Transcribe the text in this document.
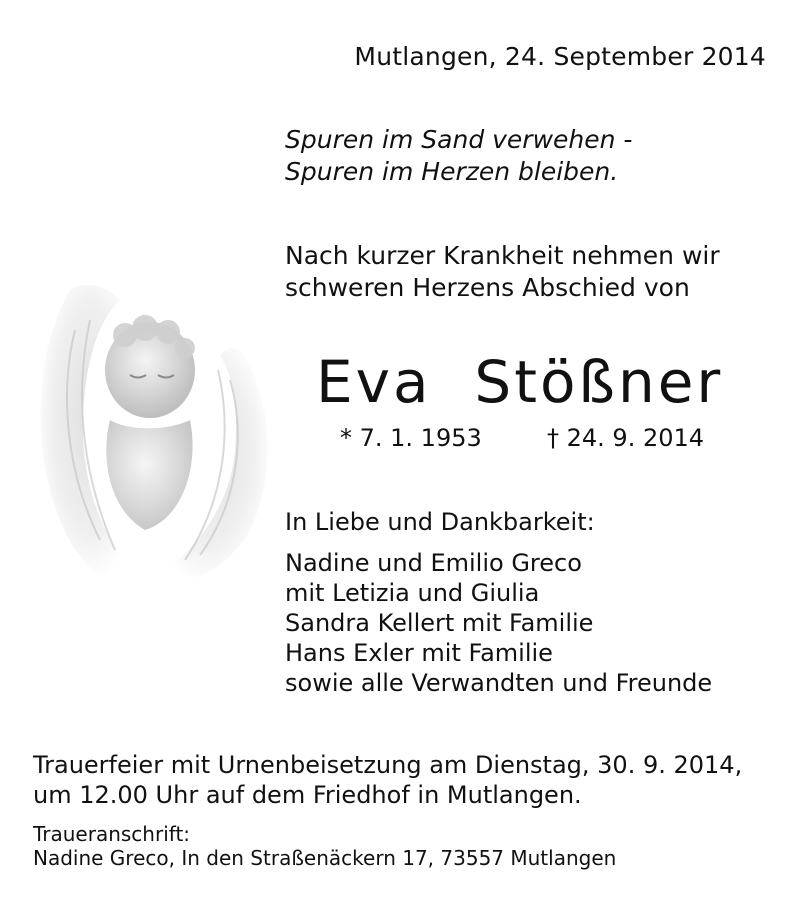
Mutlangen, 24. September 2014
Spuren im Sand verwehen -
Spuren im Herzen bleiben.
Nach kurzer Krankheit nehmen wir
schweren Herzens Abschied von
Eva  Stößner
* 7. 1. 1953	† 24. 9. 2014
In Liebe und Dankbarkeit:
Nadine und Emilio Greco
mit Letizia und Giulia
Sandra Kellert mit Familie
Hans Exler mit Familie
sowie alle Verwandten und Freunde
Trauerfeier mit Urnenbeisetzung am Dienstag, 30. 9. 2014,
um 12.00 Uhr auf dem Friedhof in Mutlangen.
Traueranschrift:
Nadine Greco, In den Straßenäckern 17, 73557 Mutlangen
